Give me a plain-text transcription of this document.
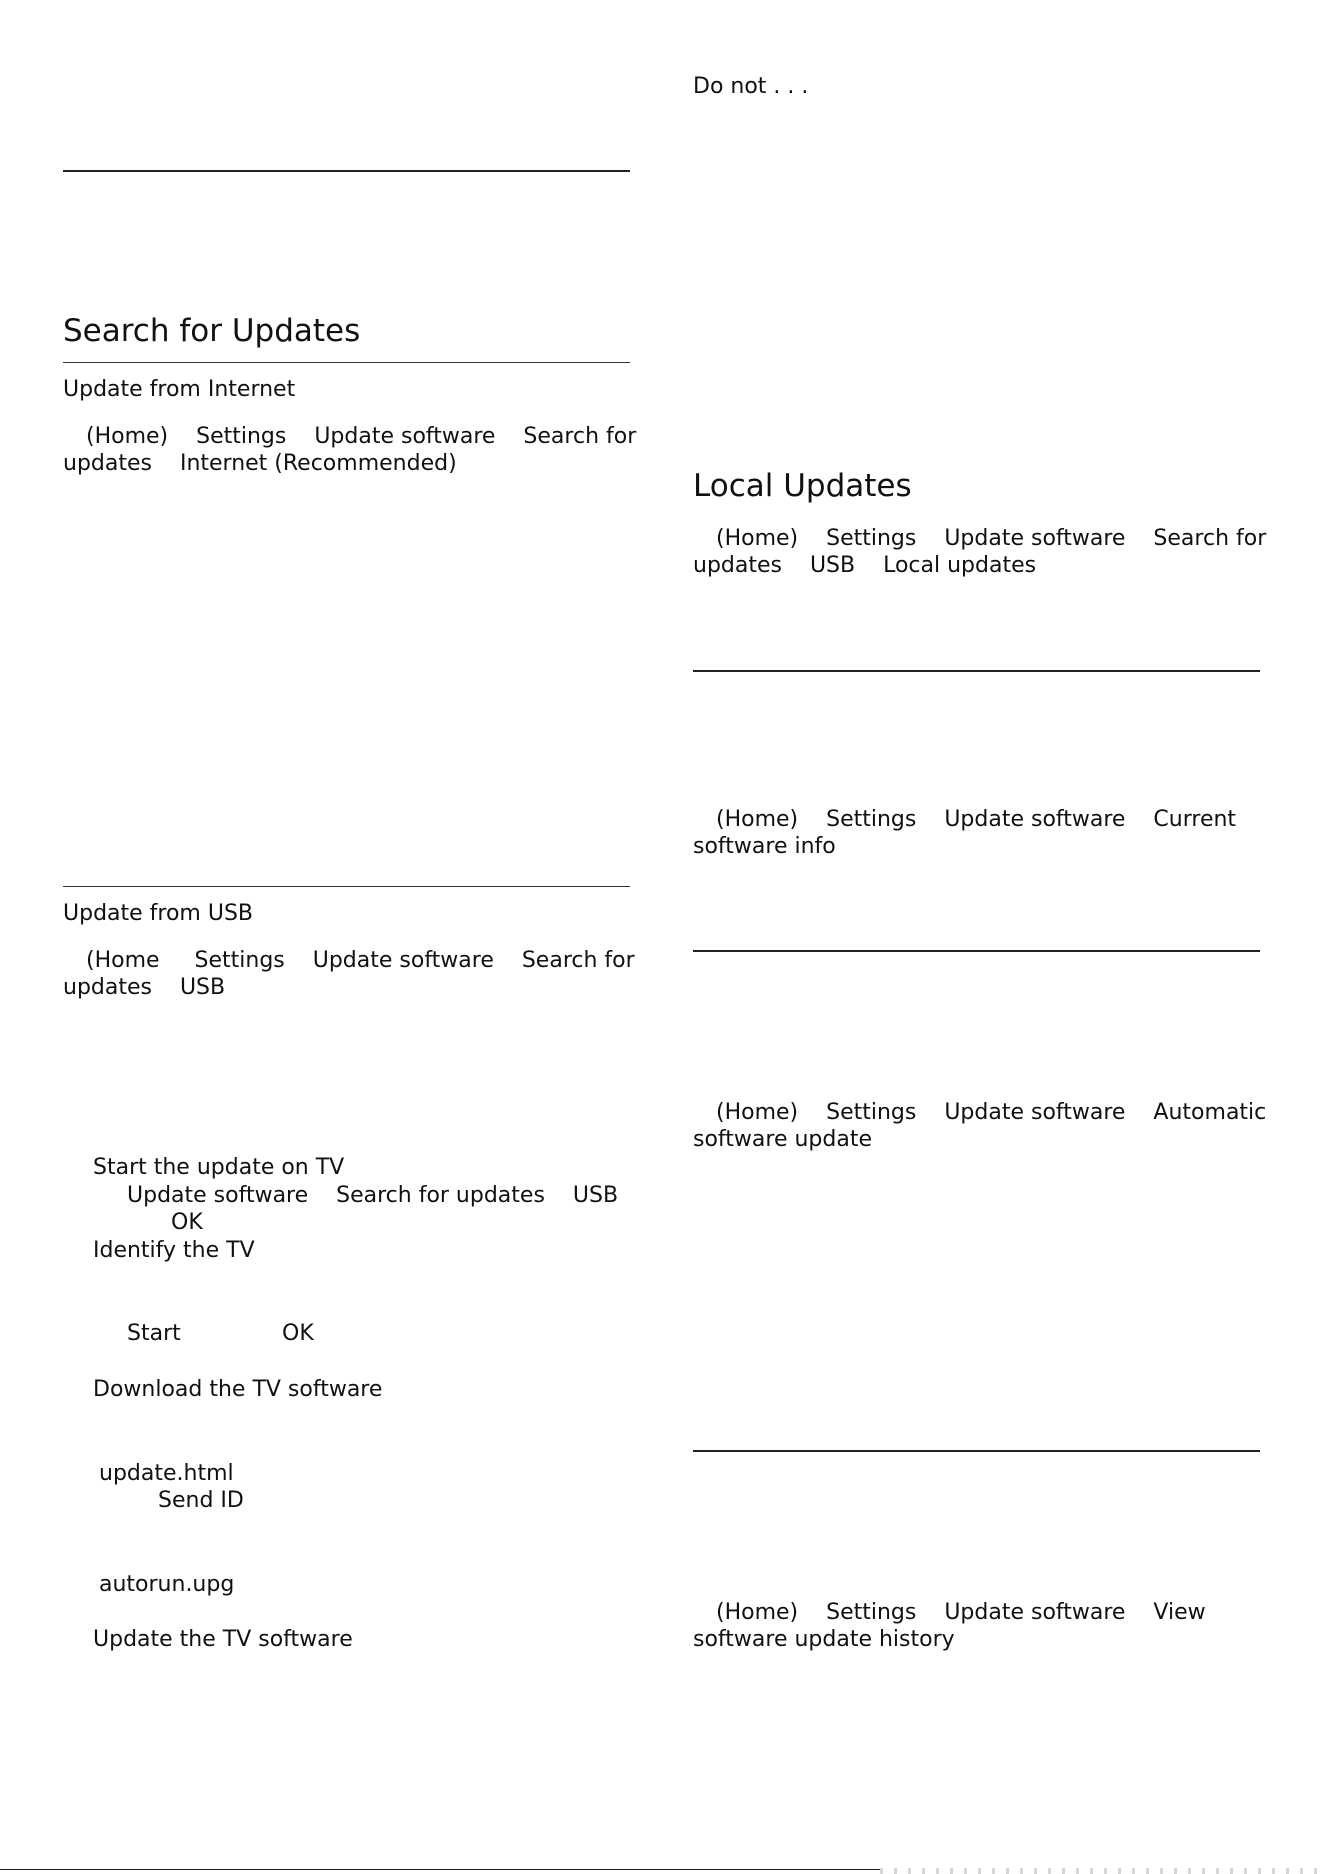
Search for Updates
Update from Internet
(Home)    Settings    Update software    Search for
updates    Internet (Recommended)
Update from USB
(Home     Settings    Update software    Search for
updates    USB
Start the update on TV
Update software    Search for updates    USB
OK
Identify the TV
Start	OK
Download the TV software
update.html
Send ID
autorun.upg
Update the TV software
Do not . . .
Local Updates
(Home)    Settings    Update software    Search for
updates    USB    Local updates
(Home)    Settings    Update software    Current
software info
(Home)    Settings    Update software    Automatic
software update
(Home)    Settings    Update software    View
software update history
